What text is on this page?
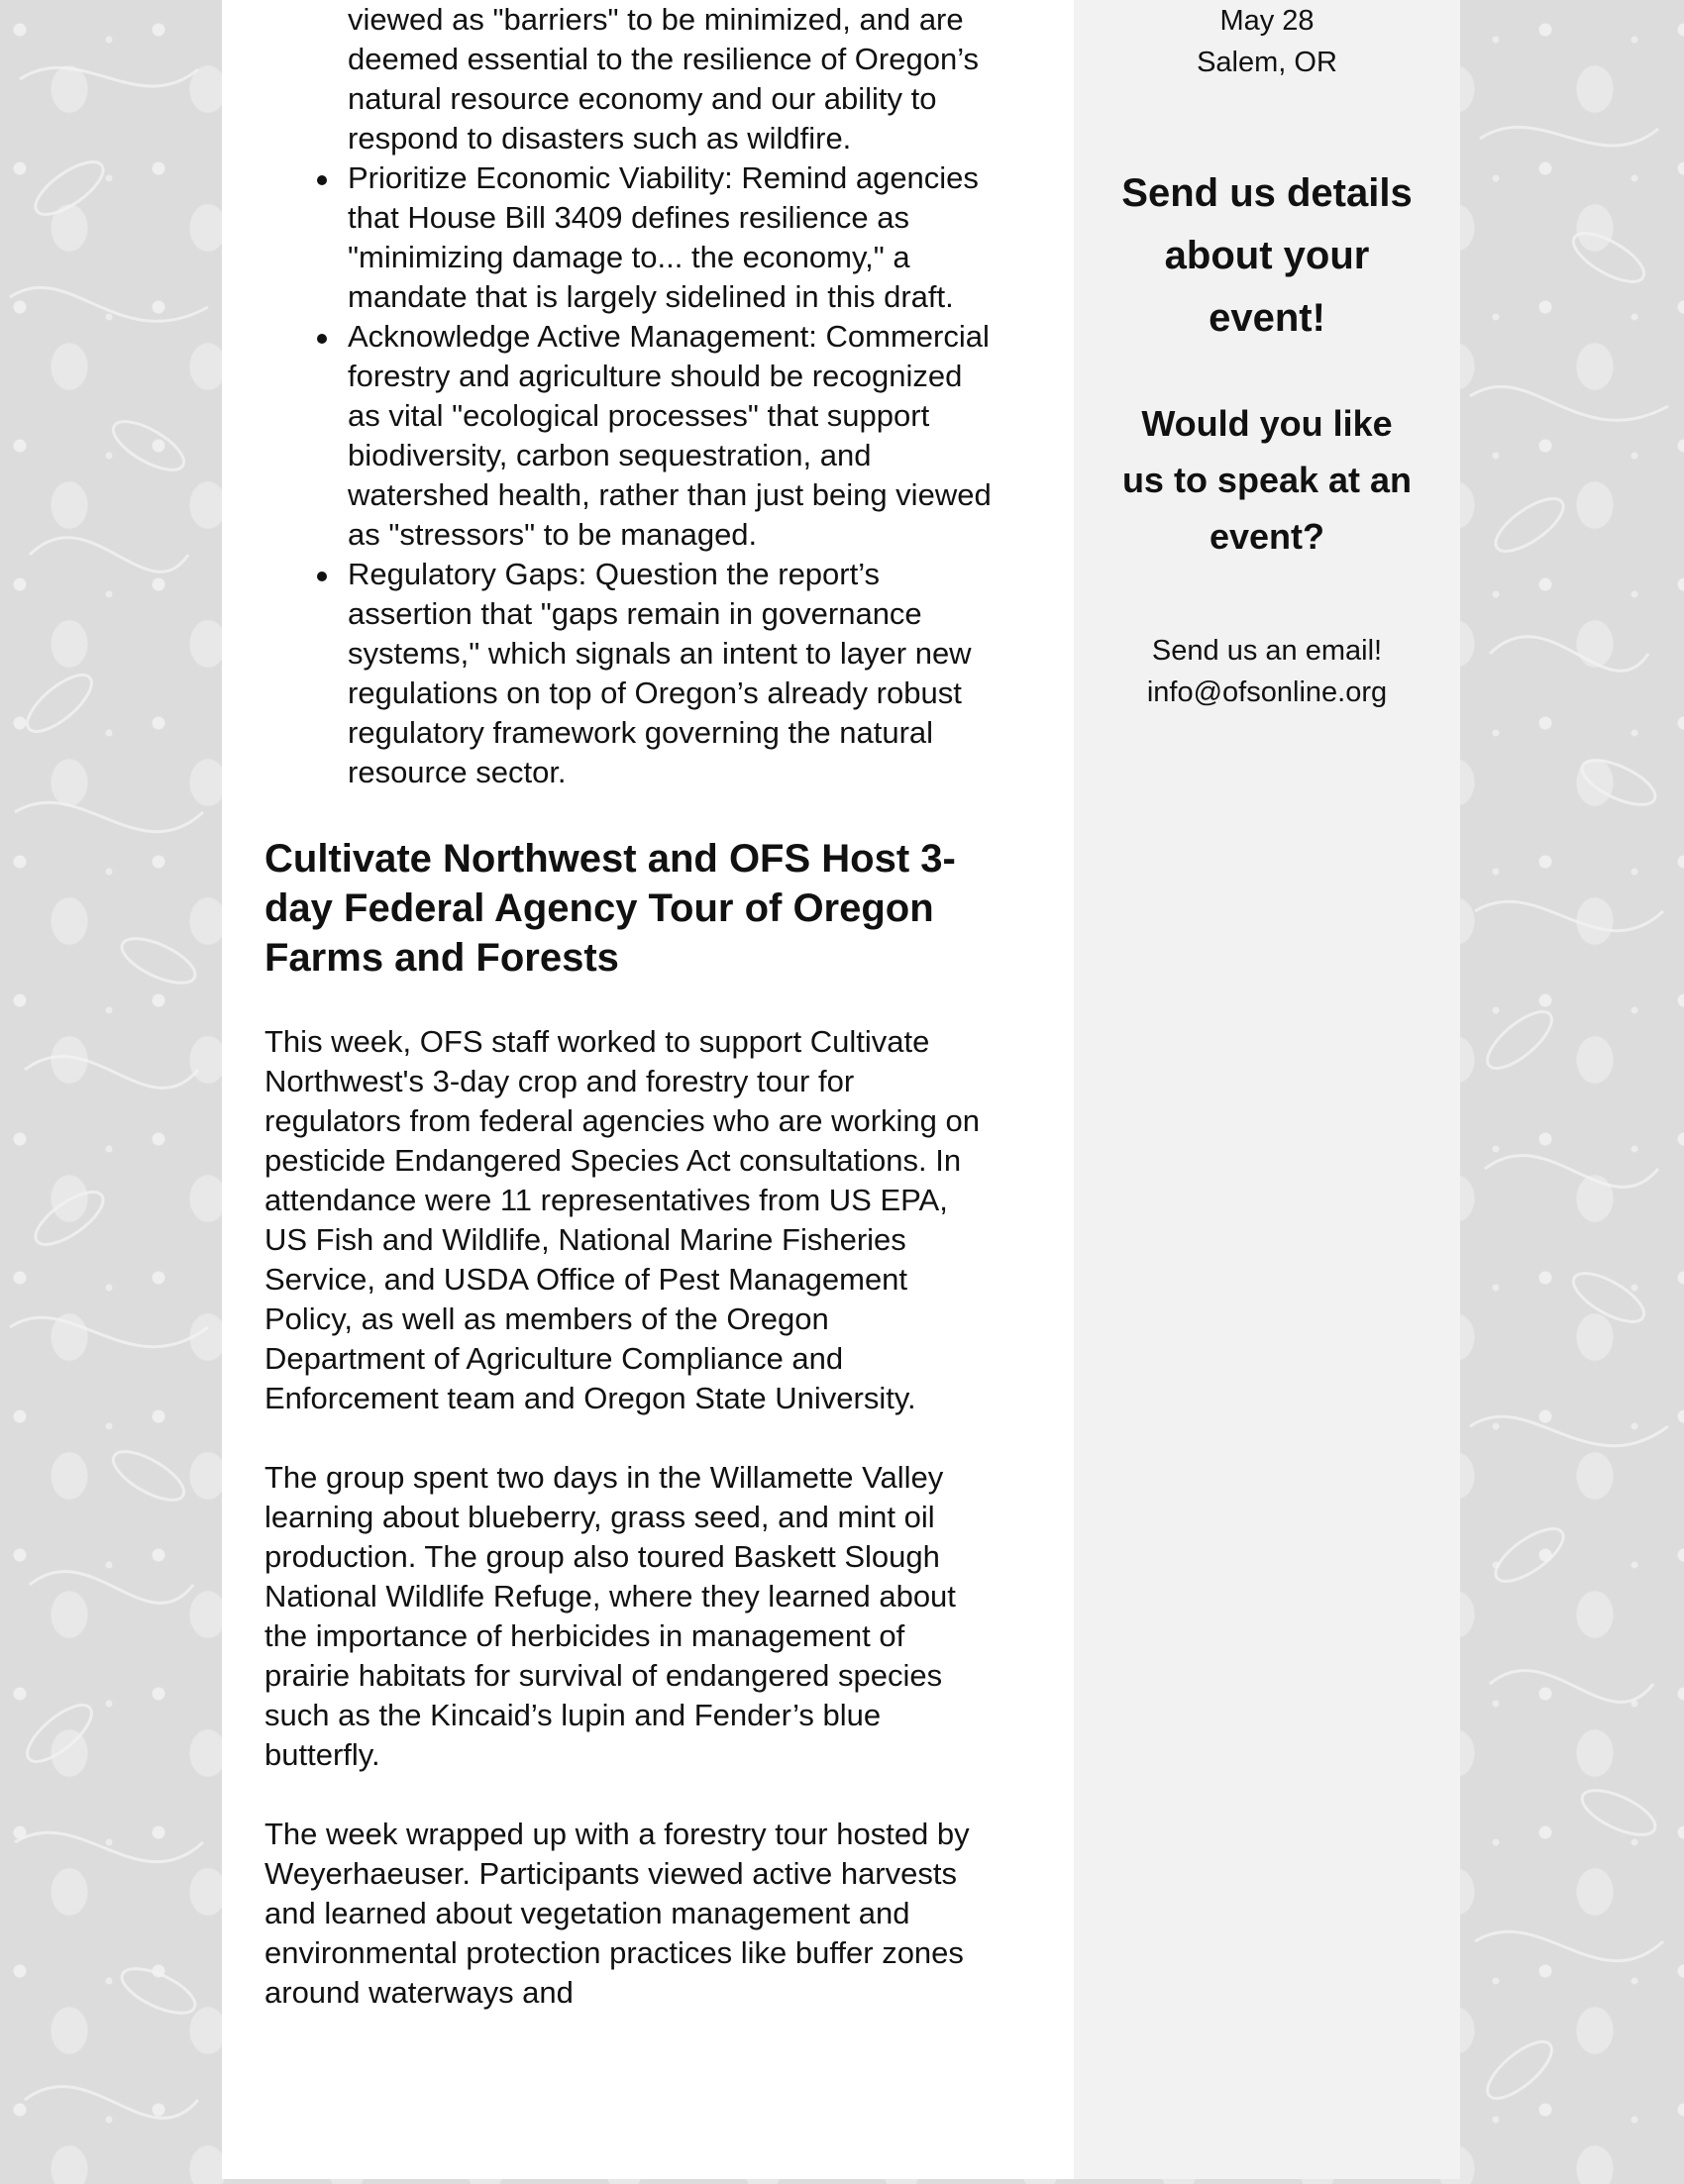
viewed as "barriers" to be minimized, and are deemed essential to the resilience of Oregon’s natural resource economy and our ability to respond to disasters such as wildfire.
Prioritize Economic Viability: Remind agencies that House Bill 3409 defines resilience as "minimizing damage to... the economy," a mandate that is largely sidelined in this draft.
Acknowledge Active Management: Commercial forestry and agriculture should be recognized as vital "ecological processes" that support biodiversity, carbon sequestration, and watershed health, rather than just being viewed as "stressors" to be managed.
Regulatory Gaps: Question the report’s assertion that "gaps remain in governance systems," which signals an intent to layer new regulations on top of Oregon’s already robust regulatory framework governing the natural resource sector.
Cultivate Northwest and OFS Host 3-day Federal Agency Tour of Oregon Farms and Forests

This week, OFS staff worked to support Cultivate Northwest's 3-day crop and forestry tour for regulators from federal agencies who are working on pesticide Endangered Species Act consultations. In attendance were 11 representatives from US EPA, US Fish and Wildlife, National Marine Fisheries Service, and USDA Office of Pest Management Policy, as well as members of the Oregon Department of Agriculture Compliance and Enforcement team and Oregon State University.

The group spent two days in the Willamette Valley learning about blueberry, grass seed, and mint oil production. The group also toured Baskett Slough National Wildlife Refuge, where they learned about the importance of herbicides in management of prairie habitats for survival of endangered species such as the Kincaid’s lupin and Fender’s blue butterfly.

The week wrapped up with a forestry tour hosted by Weyerhaeuser. Participants viewed active harvests and learned about vegetation management and environmental protection practices like buffer zones around waterways and

May 28
Salem, OR
Send us details about your event!
Would you like us to speak at an event?
Send us an email!
info@ofsonline.org
